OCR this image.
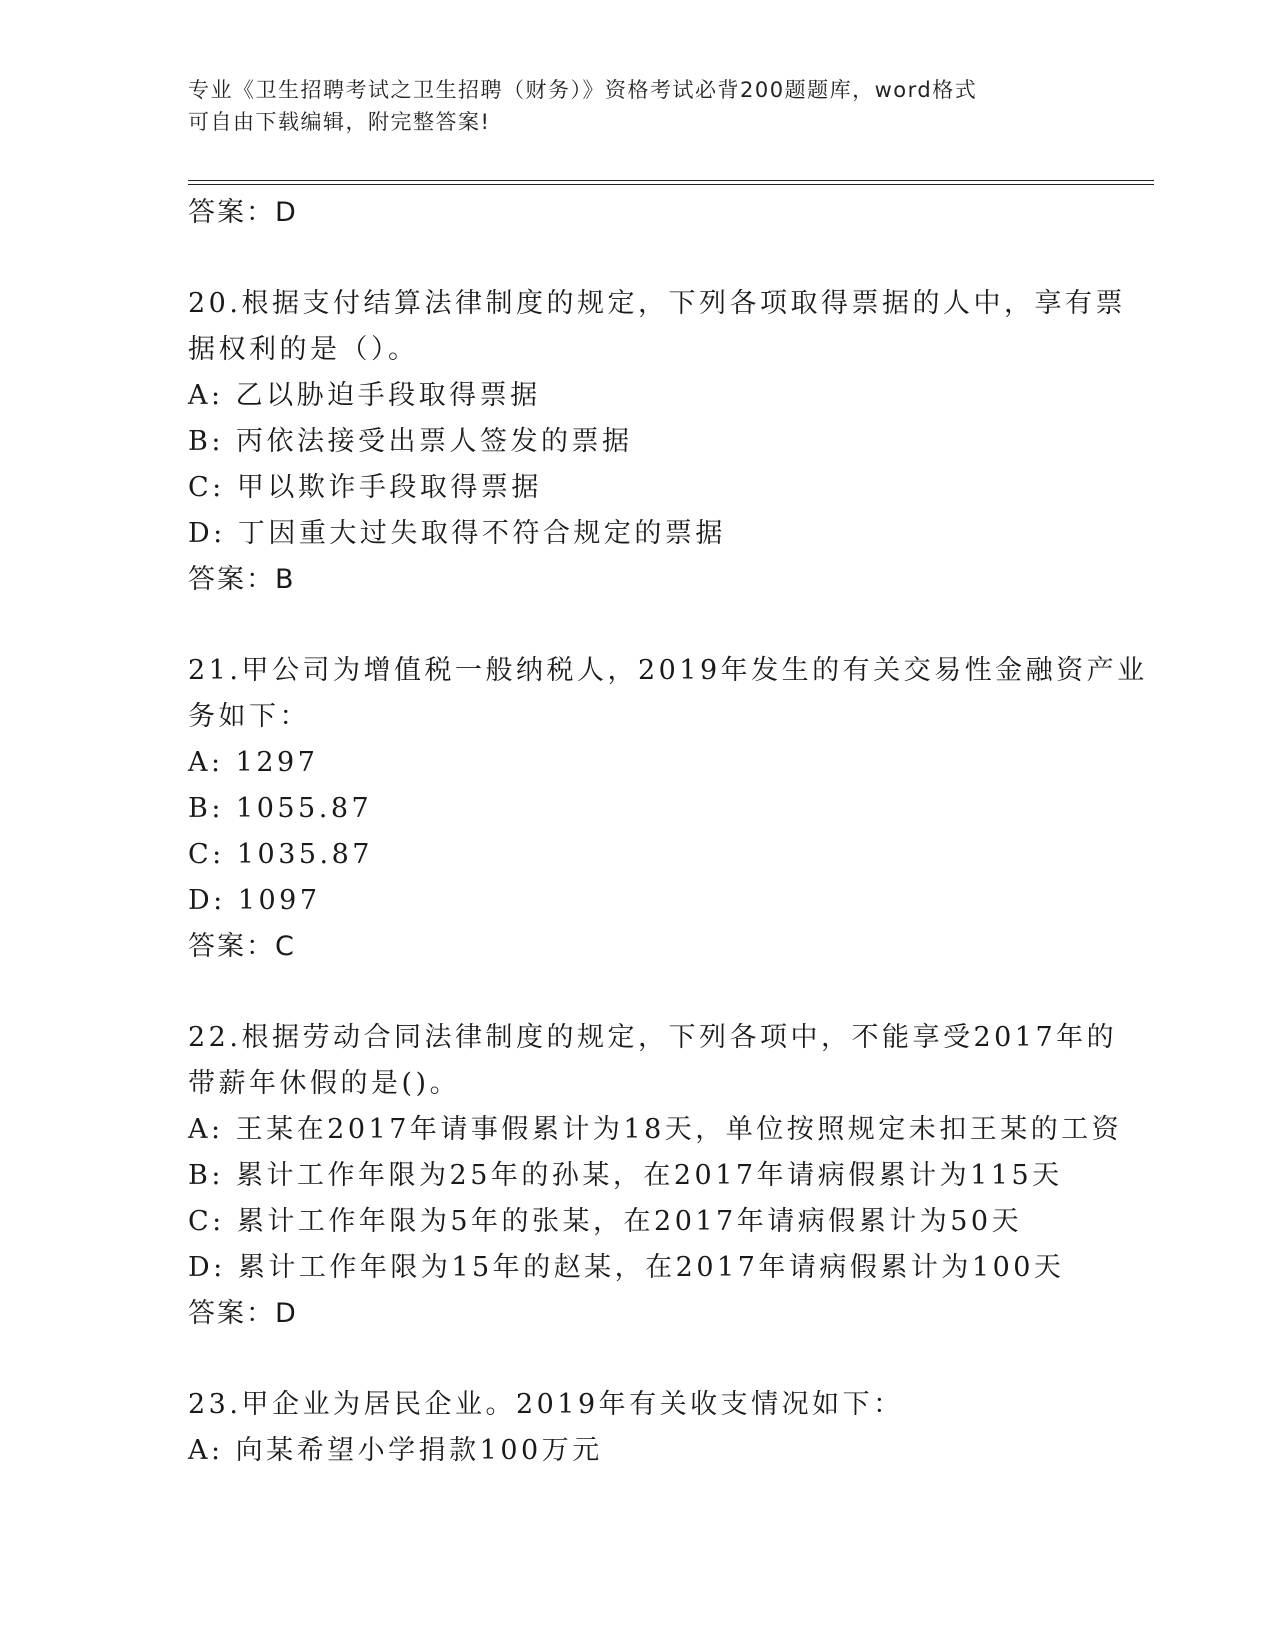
专业《卫生招聘考试之卫生招聘（财务）》资格考试必背200题题库，word格式
可自由下载编辑，附完整答案!
答案：D
20.根据支付结算法律制度的规定，下列各项取得票据的人中，享有票
据权利的是（）。
A: 乙以胁迫手段取得票据
B: 丙依法接受出票人签发的票据
C: 甲以欺诈手段取得票据
D: 丁因重大过失取得不符合规定的票据
答案：B
21.甲公司为增值税一般纳税人，2019年发生的有关交易性金融资产业
务如下：
A: 1297
B: 1055.87
C: 1035.87
D: 1097
答案：C
22.根据劳动合同法律制度的规定，下列各项中，不能享受2017年的
带薪年休假的是()。
A: 王某在2017年请事假累计为18天，单位按照规定未扣王某的工资
B: 累计工作年限为25年的孙某，在2017年请病假累计为115天
C: 累计工作年限为5年的张某，在2017年请病假累计为50天
D: 累计工作年限为15年的赵某，在2017年请病假累计为100天
答案：D
23.甲企业为居民企业。2019年有关收支情况如下：
A: 向某希望小学捐款100万元
